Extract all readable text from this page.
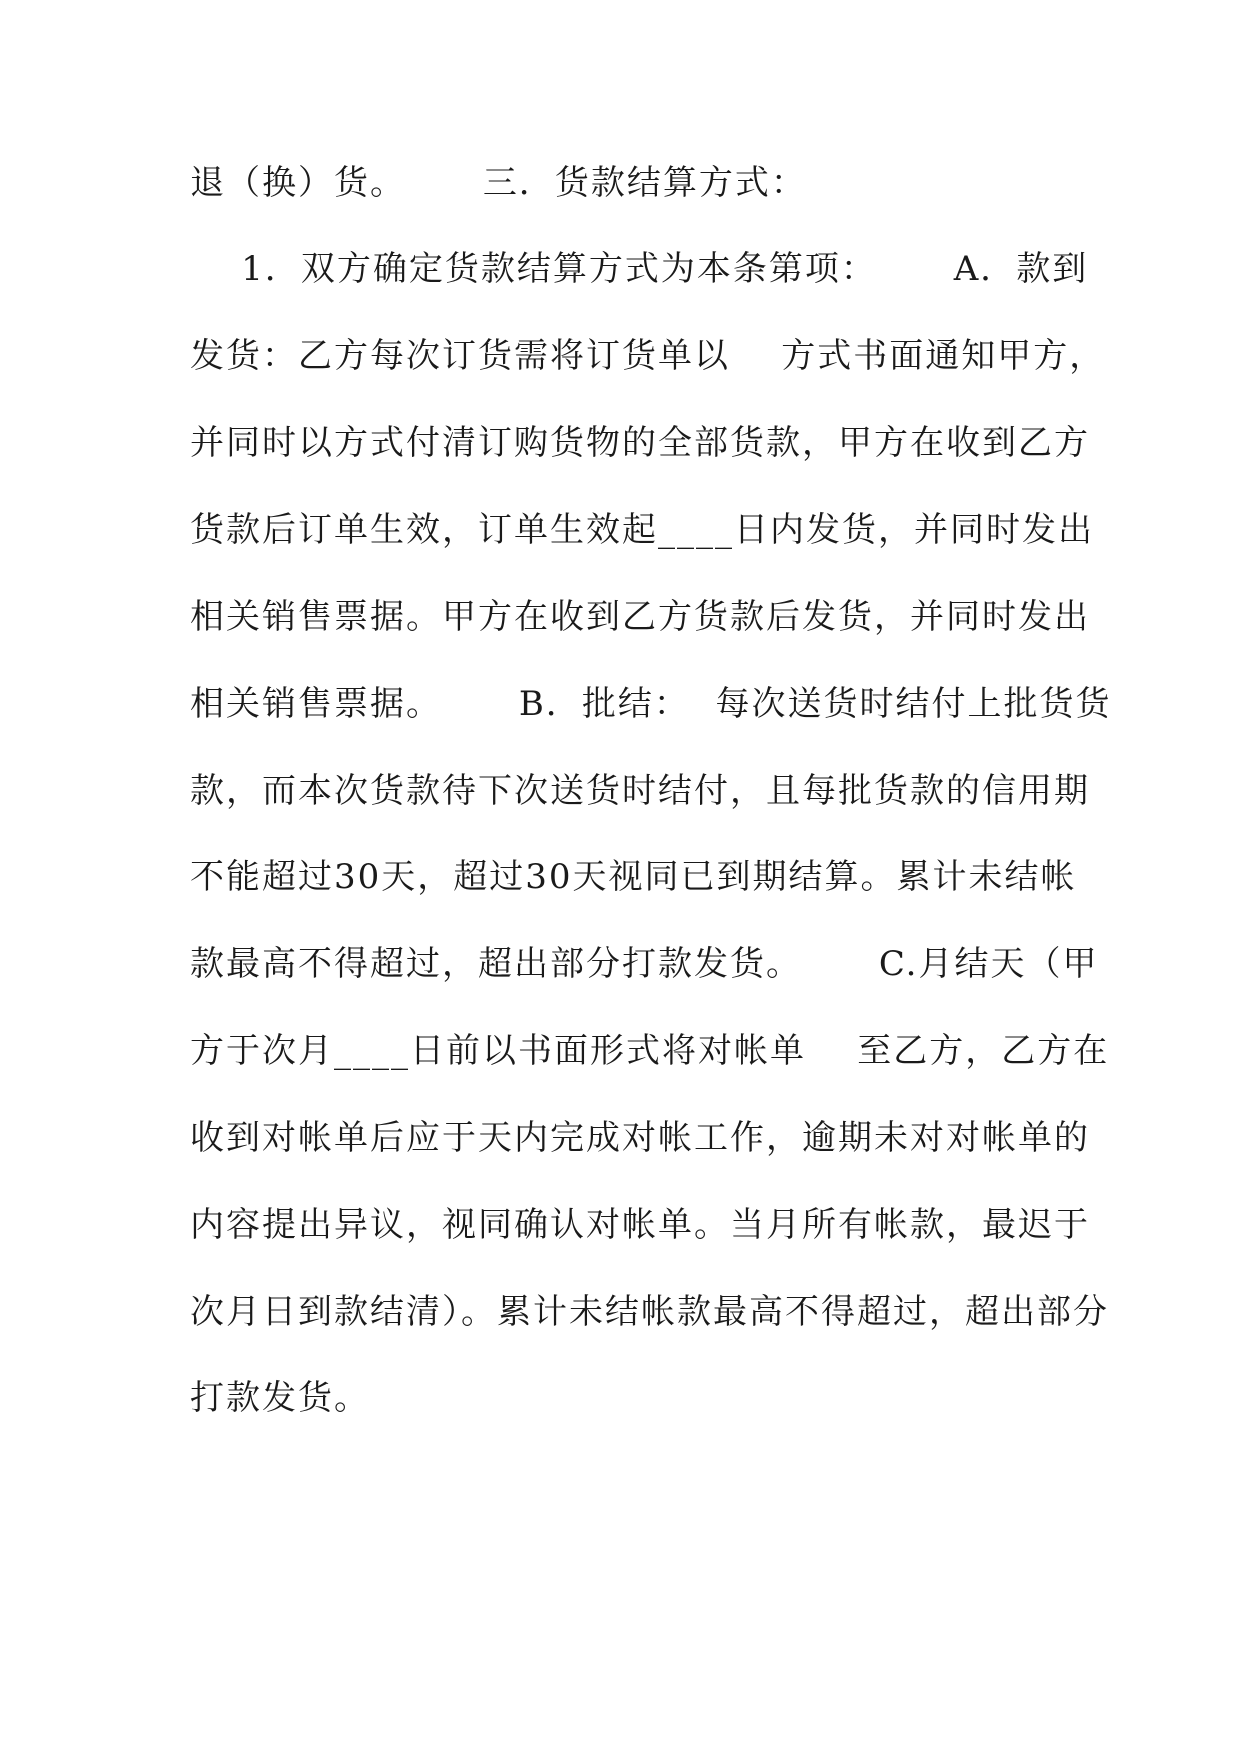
退（换）货。      三．货款结算方式：
1．双方确定货款结算方式为本条第项：      A．款到
发货：乙方每次订货需将订货单以    方式书面通知甲方，
并同时以方式付清订购货物的全部货款，甲方在收到乙方
货款后订单生效，订单生效起____日内发货，并同时发出
相关销售票据。甲方在收到乙方货款后发货，并同时发出
相关销售票据。      B．批结：  每次送货时结付上批货货
款，而本次货款待下次送货时结付，且每批货款的信用期
不能超过30天，超过30天视同已到期结算。累计未结帐
款最高不得超过，超出部分打款发货。      C.月结天（甲
方于次月____日前以书面形式将对帐单    至乙方，乙方在
收到对帐单后应于天内完成对帐工作，逾期未对对帐单的
内容提出异议，视同确认对帐单。当月所有帐款，最迟于
次月日到款结清）。累计未结帐款最高不得超过，超出部分
打款发货。
